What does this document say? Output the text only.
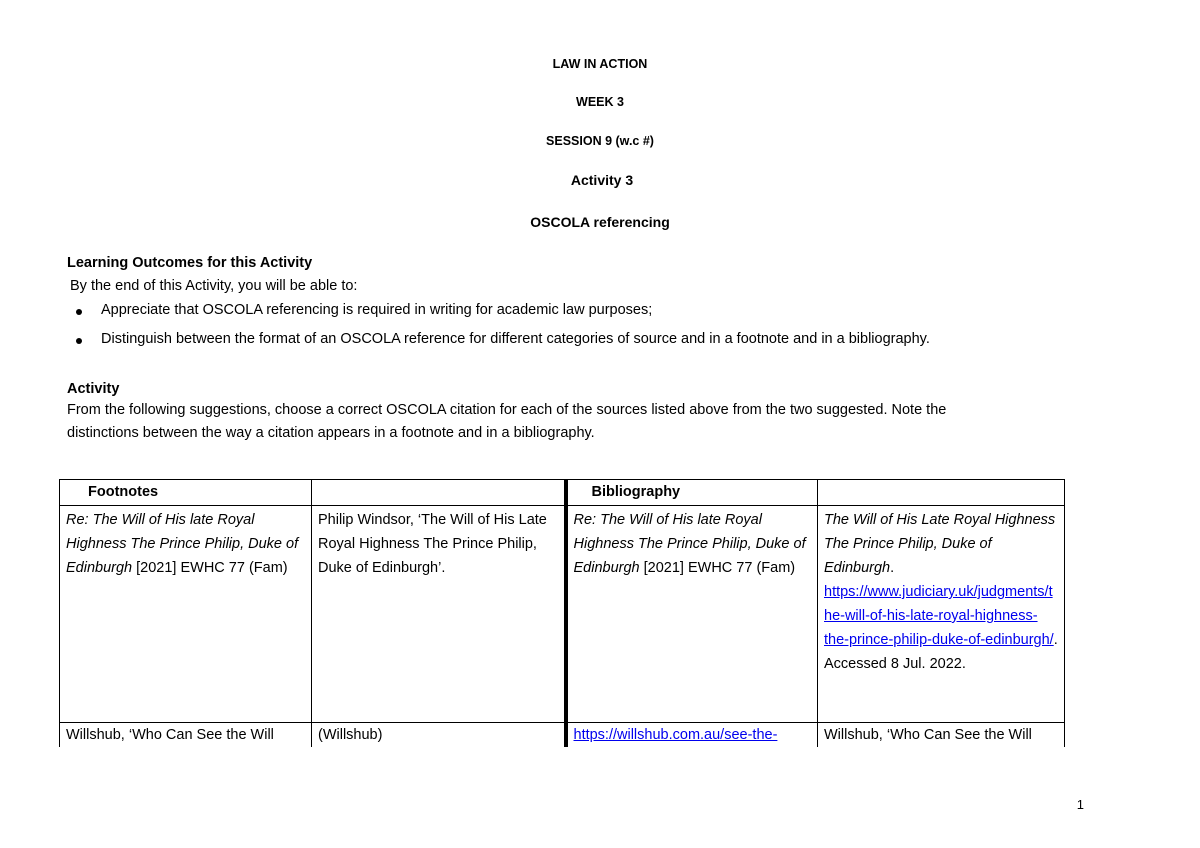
LAW IN ACTION
WEEK 3
SESSION 9 (w.c #)
Activity 3
OSCOLA referencing
Learning Outcomes for this Activity
By the end of this Activity, you will be able to:
Appreciate that OSCOLA referencing is required in writing for academic law purposes;
Distinguish between the format of an OSCOLA reference for different categories of source and in a footnote and in a bibliography.
Activity
From the following suggestions, choose a correct OSCOLA citation for each of the sources listed above from the two suggested. Note the
distinctions between the way a citation appears in a footnote and in a bibliography.
Footnotes		Bibliography	
Re: The Will of His late Royal Highness The Prince Philip, Duke of Edinburgh [2021] EWHC 77 (Fam)	Philip Windsor, ‘The Will of His Late Royal Highness The Prince Philip, Duke of Edinburgh’.	Re: The Will of His late Royal Highness The Prince Philip, Duke of Edinburgh [2021] EWHC 77 (Fam)	The Will of His Late Royal Highness The Prince Philip, Duke of Edinburgh. https://www.judiciary.uk/judgments/the-will-of-his-late-royal-highness-the-prince-philip-duke-of-edinburgh/. Accessed 8 Jul. 2022.
Willshub, ‘Who Can See the Will	(Willshub)	https://willshub.com.au/see-the-	Willshub, ‘Who Can See the Will
1
